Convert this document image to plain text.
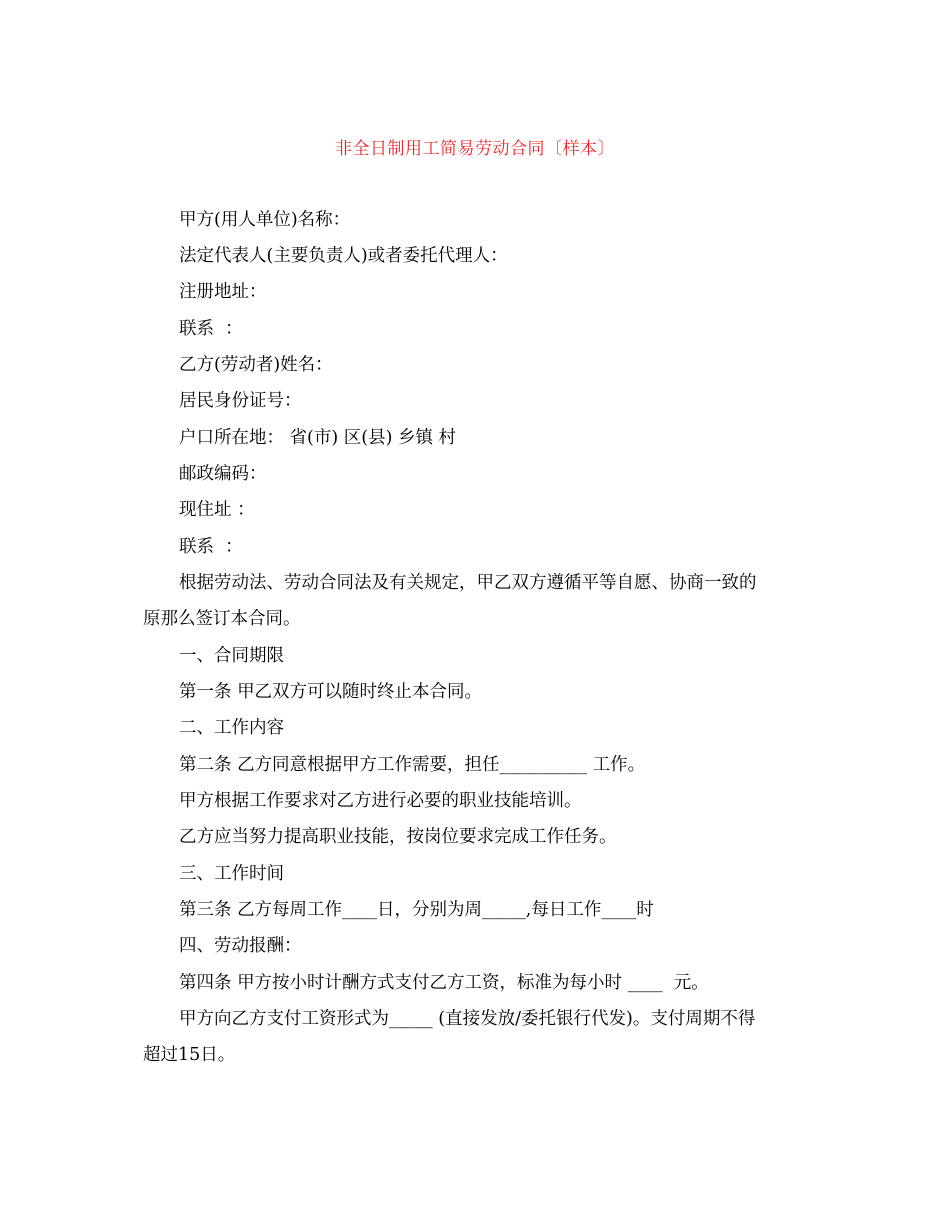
非全日制用工简易劳动合同〔样本〕
甲方(用人单位)名称：
法定代表人(主要负责人)或者委托代理人：
注册地址：
联系  ：
乙方(劳动者)姓名：
居民身份证号：
户口所在地： 省(市) 区(县) 乡镇 村
邮政编码：
现住址 ：
联系  ：
根据劳动法、劳动合同法及有关规定，甲乙双方遵循平等自愿、协商一致的
原那么签订本合同。
一、合同期限
第一条 甲乙双方可以随时终止本合同。
二、工作内容
第二条 乙方同意根据甲方工作需要，担任__________ 工作。
甲方根据工作要求对乙方进行必要的职业技能培训。
乙方应当努力提高职业技能，按岗位要求完成工作任务。
三、工作时间
第三条 乙方每周工作____日，分别为周_____,每日工作____时
四、劳动报酬：
第四条 甲方按小时计酬方式支付乙方工资，标准为每小时 ____  元。
甲方向乙方支付工资形式为_____ (直接发放/委托银行代发)。支付周期不得
超过15日。
